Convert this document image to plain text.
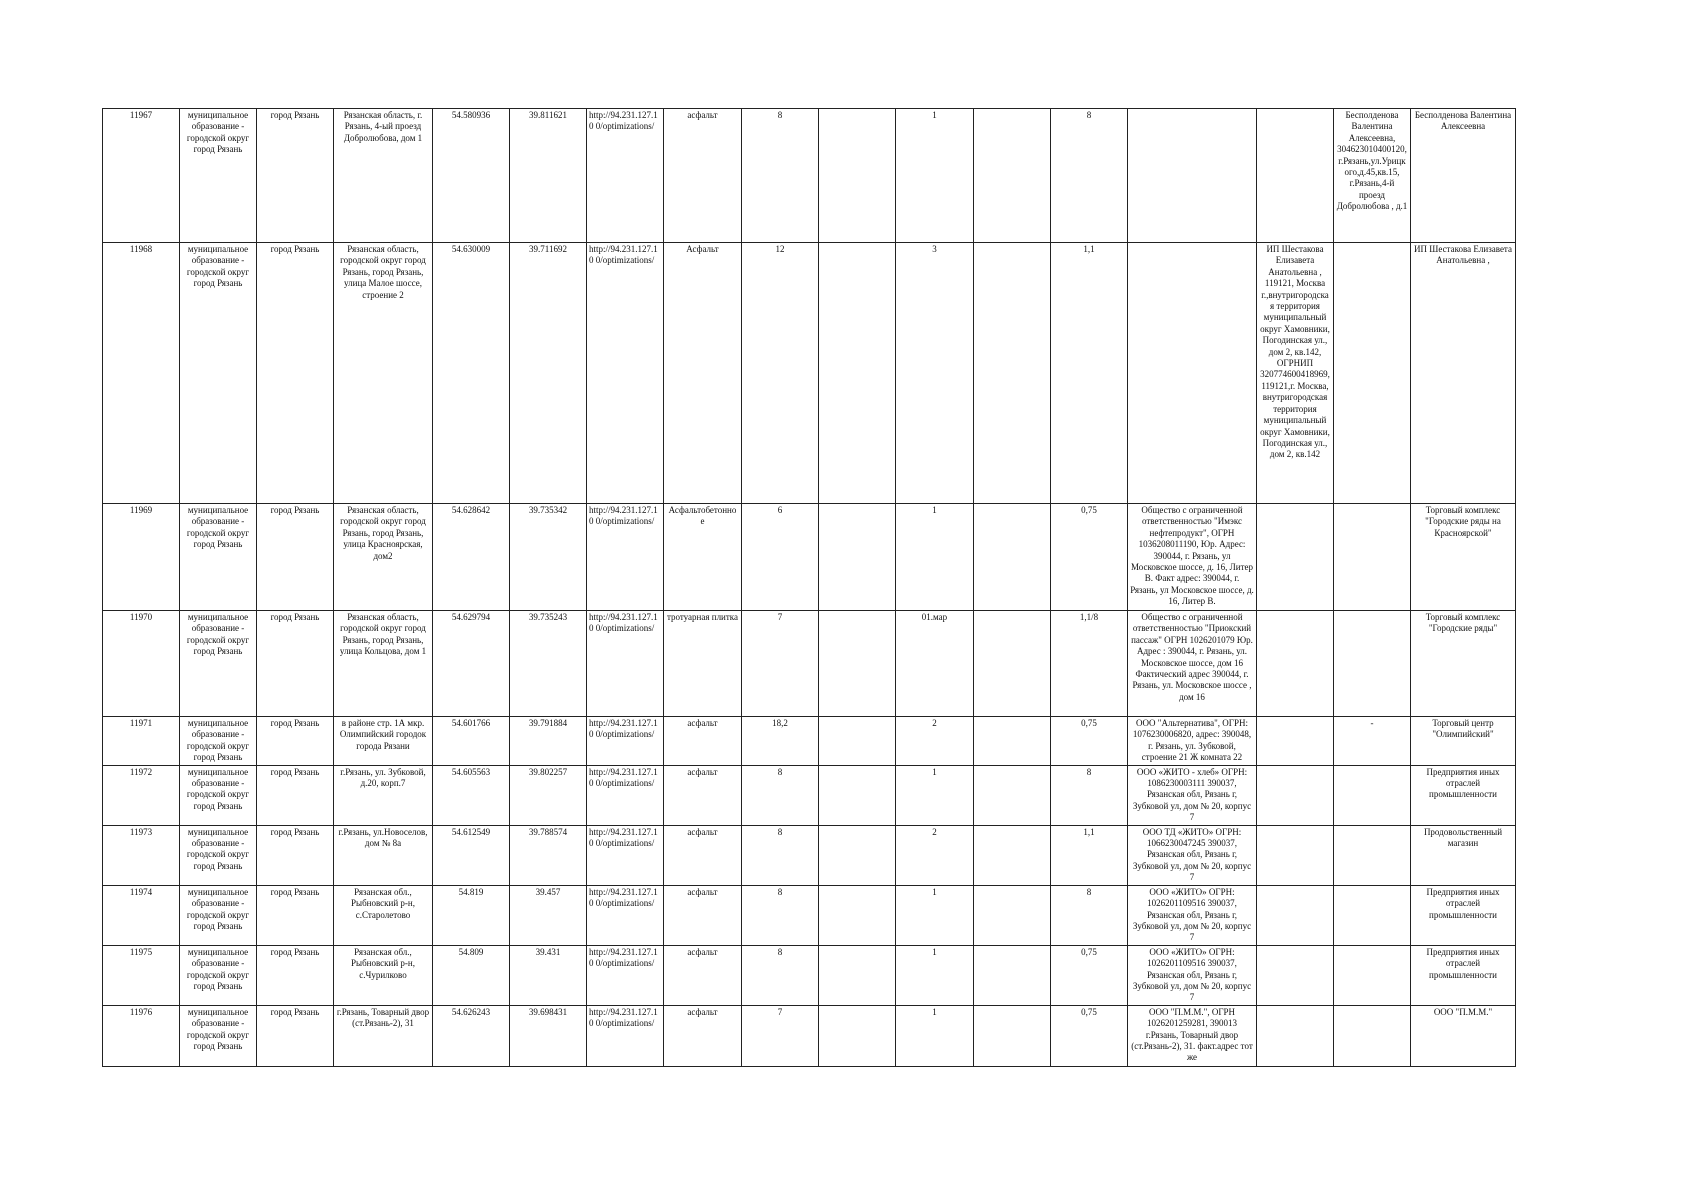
11967	муниципальное образование - городской округ город Рязань	город Рязань	Рязанская область, г. Рязань, 4-ый проезд Добролюбова, дом 1	54.580936	39.811621	http://94.231.127.10 0/optimizations/	асфальт	8		1		8			Бесполденова Валентина Алексеевна, 304623010400120, г.Рязань,ул.Урицк ого,д.45,кв.15, г.Рязань,4-й проезд Добролюбова , д.1	Бесполденова Валентина Алексеевна
11968	муниципальное образование - городской округ город Рязань	город Рязань	Рязанская область, городской округ город Рязань, город Рязань, улица Малое шоссе, строение 2	54.630009	39.711692	http://94.231.127.10 0/optimizations/	Асфальт	12		3		1,1		ИП Шестакова Елизавета Анатольевна , 119121, Москва г.,внутригородска я территория муниципальный округ Хамовники, Погодинская ул., дом 2, кв.142, ОГРНИП 320774600418969, 119121,г. Москва, внутригородская территория муниципальный округ Хамовники, Погодинская ул., дом 2, кв.142		ИП Шестакова Елизавета Анатольевна ,
11969	муниципальное образование - городской округ город Рязань	город Рязань	Рязанская область, городской округ город Рязань, город Рязань, улица Красноярская, дом2	54.628642	39.735342	http://94.231.127.10 0/optimizations/	Асфальтобетонно е	6		1		0,75	Общество с ограниченной ответственностью "Имэкс нефтепродукт", ОГРН 1036208011190, Юр. Адрес: 390044, г. Рязань, ул Московское шоссе, д. 16, Литер В. Факт адрес: 390044, г. Рязань, ул Московское шоссе, д. 16, Литер В.			Торговый комплекс "Городские ряды на Красноярской"
11970	муниципальное образование - городской округ город Рязань	город Рязань	Рязанская область, городской округ город Рязань, город Рязань, улица Кольцова, дом 1	54.629794	39.735243	http://94.231.127.10 0/optimizations/	тротуарная плитка	7		01.мар		1,1/8	Общество с ограниченной ответственностью "Приокский пассаж" ОГРН 1026201079 Юр. Адрес : 390044, г. Рязань, ул. Московское шоссе, дом 16 Фактический адрес 390044, г. Рязань, ул. Московское шоссе , дом 16			Торговый комплекс "Городские ряды"
11971	муниципальное образование - городской округ город Рязань	город Рязань	в районе стр. 1А мкр. Олимпийский городок города Рязани	54.601766	39.791884	http://94.231.127.10 0/optimizations/	асфальт	18,2		2		0,75	ООО "Альтернатива", ОГРН: 1076230006820, адрес: 390048, г. Рязань, ул. Зубковой, строение 21 Ж комната 22		-	Торговый центр "Олимпийский"
11972	муниципальное образование - городской округ город Рязань	город Рязань	г.Рязань, ул. Зубковой, д.20, корп.7	54.605563	39.802257	http://94.231.127.10 0/optimizations/	асфальт	8		1		8	ООО «ЖИТО - хлеб» ОГРН: 1086230003111 390037, Рязанская обл, Рязань г, Зубковой ул, дом № 20, корпус 7			Предприятия иных отраслей промышленности
11973	муниципальное образование - городской округ город Рязань	город Рязань	г.Рязань, ул.Новоселов, дом № 8а	54.612549	39.788574	http://94.231.127.10 0/optimizations/	асфальт	8		2		1,1	ООО ТД «ЖИТО» ОГРН: 1066230047245 390037, Рязанская обл, Рязань г, Зубковой ул, дом № 20, корпус 7			Продовольственный магазин
11974	муниципальное образование - городской округ город Рязань	город Рязань	Рязанская обл., Рыбновский р-н, с.Старолетово	54.819	39.457	http://94.231.127.10 0/optimizations/	асфальт	8		1		8	ООО «ЖИТО» ОГРН: 1026201109516 390037, Рязанская обл, Рязань г, Зубковой ул, дом № 20, корпус 7			Предприятия иных отраслей промышленности
11975	муниципальное образование - городской округ город Рязань	город Рязань	Рязанская обл., Рыбновский р-н, с.Чурилково	54.809	39.431	http://94.231.127.10 0/optimizations/	асфальт	8		1		0,75	ООО «ЖИТО» ОГРН: 1026201109516 390037, Рязанская обл, Рязань г, Зубковой ул, дом № 20, корпус 7			Предприятия иных отраслей промышленности
11976	муниципальное образование - городской округ город Рязань	город Рязань	г.Рязань, Товарный двор (ст.Рязань-2), 31	54.626243	39.698431	http://94.231.127.10 0/optimizations/	асфальт	7		1		0,75	ООО "П.М.М.", ОГРН 1026201259281, 390013 г.Рязань, Товарный двор (ст.Рязань-2), 31. факт.адрес тот же			ООО "П.М.М."
